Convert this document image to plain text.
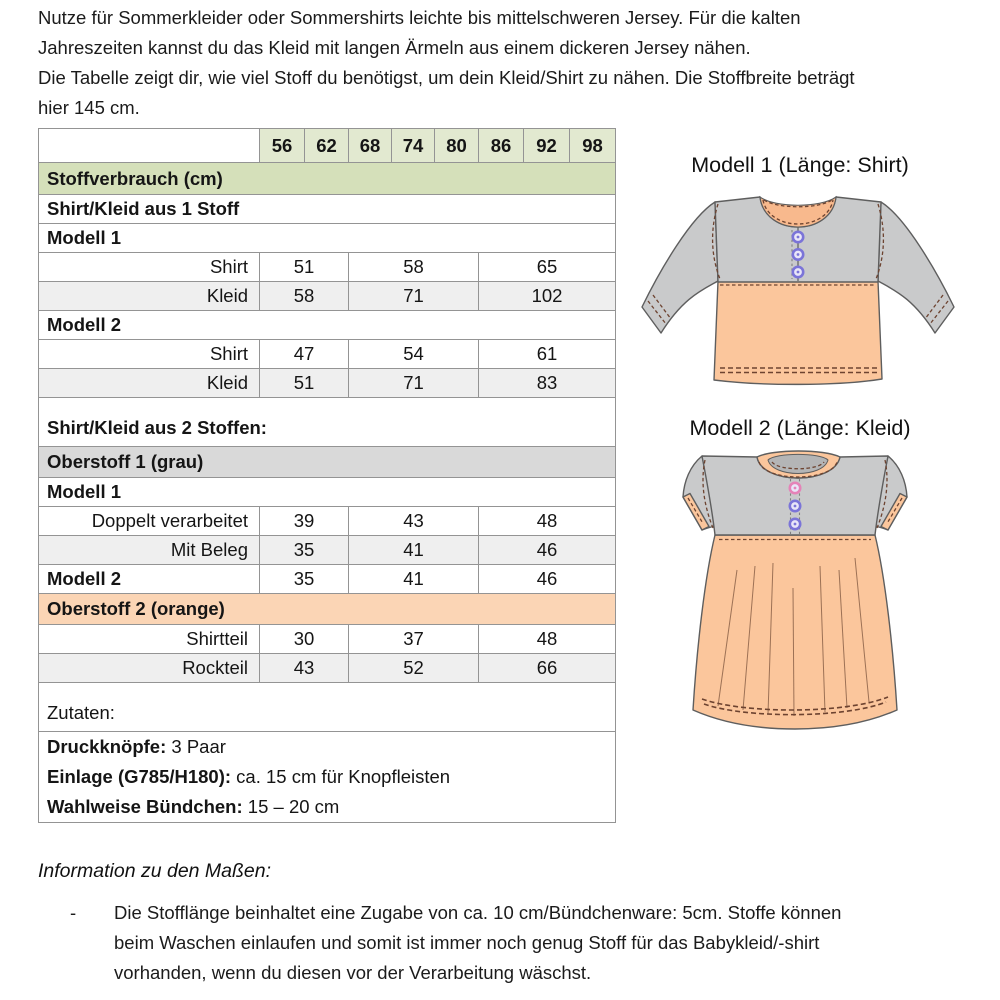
Nutze für Sommerkleider oder Sommershirts leichte bis mittelschweren Jersey. Für die kalten
Jahreszeiten kannst du das Kleid mit langen Ärmeln aus einem dickeren Jersey nähen.
Die Tabelle zeigt dir, wie viel Stoff du benötigst, um dein Kleid/Shirt zu nähen. Die Stoffbreite beträgt
hier 145 cm.
	56	62	68	74	80	86	92	98
Stoffverbrauch (cm)								
Shirt/Kleid aus 1 Stoff								
Modell 1								
Shirt	51		58			65		
Kleid	58		71			102		
Modell 2								
Shirt	47		54			61		
Kleid	51		71			83		
Shirt/Kleid aus 2 Stoffen:								
Oberstoff 1 (grau)								
Modell 1								
Doppelt verarbeitet	39		43			48		
Mit Beleg	35		41			46		
Modell 2	35		41			46		
Oberstoff 2 (orange)								
Shirtteil	30		37			48		
Rockteil	43		52			66		
Zutaten:								

Druckknöpfe: 3 Paar
Einlage (G785/H180): ca. 15 cm für Knopfleisten
Wahlweise Bündchen: 15 – 20 cm								
Modell 1 (Länge: Shirt)
Modell 2 (Länge: Kleid)
Information zu den Maßen:
- Die Stofflänge beinhaltet eine Zugabe von ca. 10 cm/Bündchenware: 5cm. Stoffe können
beim Waschen einlaufen und somit ist immer noch genug Stoff für das Babykleid/-shirt
vorhanden, wenn du diesen vor der Verarbeitung wäschst.
